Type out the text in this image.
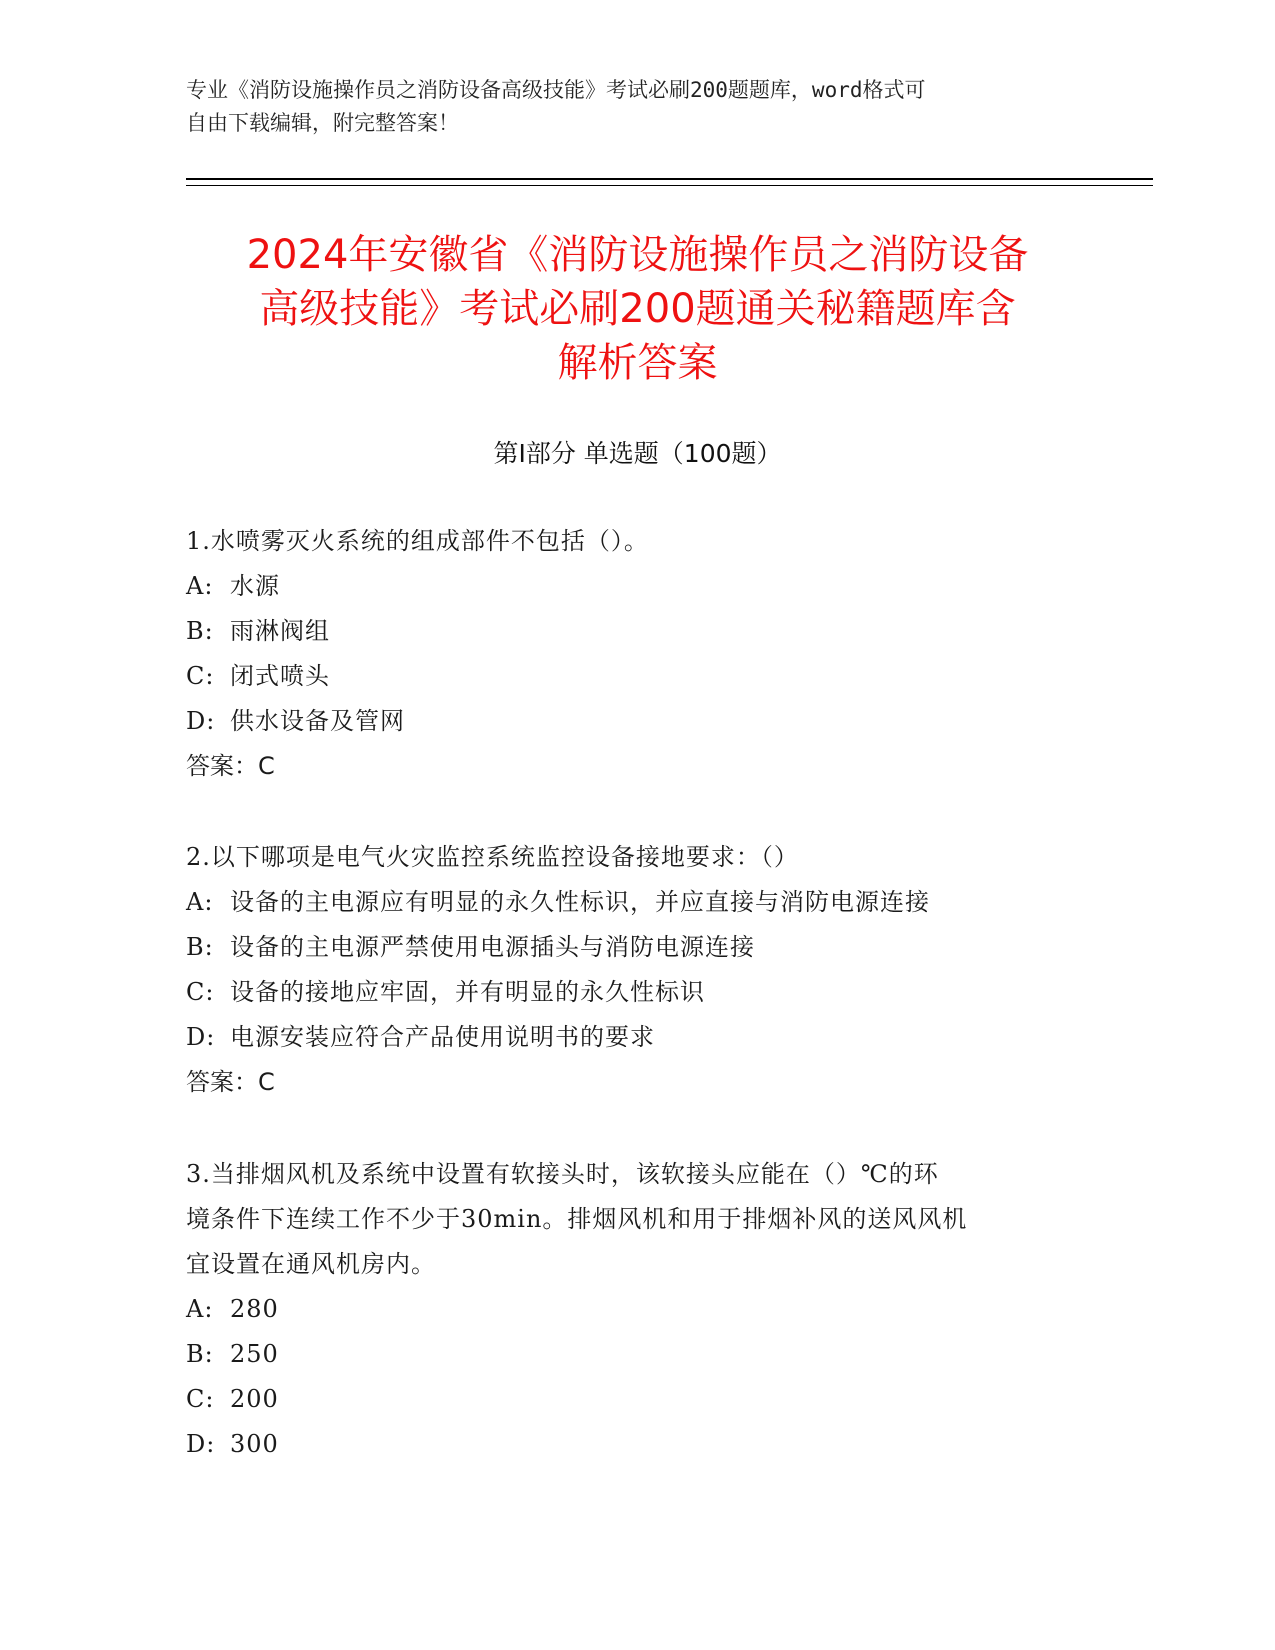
专业《消防设施操作员之消防设备高级技能》考试必刷200题题库，word格式可
自由下载编辑，附完整答案！
2024年安徽省《消防设施操作员之消防设备
高级技能》考试必刷200题通关秘籍题库含
解析答案
第Ⅰ部分 单选题（100题）
1.水喷雾灭火系统的组成部件不包括（）。
A: 水源
B: 雨淋阀组
C: 闭式喷头
D: 供水设备及管网
答案：C
2.以下哪项是电气火灾监控系统监控设备接地要求：（）
A: 设备的主电源应有明显的永久性标识，并应直接与消防电源连接
B: 设备的主电源严禁使用电源插头与消防电源连接
C: 设备的接地应牢固，并有明显的永久性标识
D: 电源安装应符合产品使用说明书的要求
答案：C
3.当排烟风机及系统中设置有软接头时，该软接头应能在（）℃的环
境条件下连续工作不少于30min。排烟风机和用于排烟补风的送风风机
宜设置在通风机房内。
A: 280
B: 250
C: 200
D: 300
